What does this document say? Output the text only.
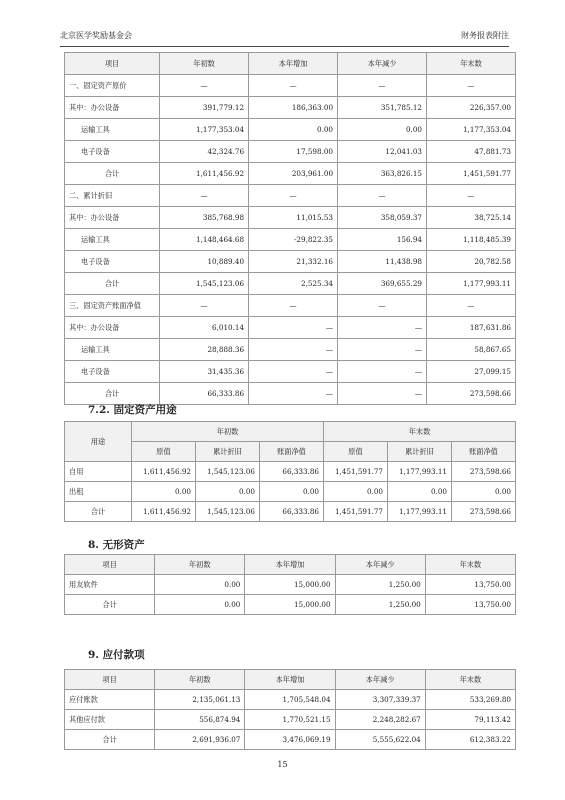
北京医学奖励基金会	财务报表附注
项目	年初数	本年增加	本年减少	年末数
一、固定资产原价	—	—	—	—
其中：办公设备	391,779.12	186,363.00	351,785.12	226,357.00
运输工具	1,177,353.04	0.00	0.00	1,177,353.04
电子设备	42,324.76	17,598.00	12,041.03	47,881.73
合计	1,611,456.92	203,961.00	363,826.15	1,451,591.77
二、累计折旧	—	—	—	—
其中：办公设备	385,768.98	11,015.53	358,059.37	38,725.14
运输工具	1,148,464.68	-29,822.35	156.94	1,118,485.39
电子设备	10,889.40	21,332.16	11,438.98	20,782.58
合计	1,545,123.06	2,525.34	369,655.29	1,177,993.11
三、固定资产账面净值	—	—	—	—
其中：办公设备	6,010.14	—	—	187,631.86
运输工具	28,888.36	—	—	58,867.65
电子设备	31,435.36	—	—	27,099.15
合计	66,333.86	—	—	273,598.66
7.2. 固定资产用途
用途	年初数			年末数		
	原值	累计折旧	账面净值	原值	累计折旧	账面净值
自用	1,611,456.92	1,545,123.06	66,333.86	1,451,591.77	1,177,993.11	273,598.66
出租	0.00	0.00	0.00	0.00	0.00	0.00
合计	1,611,456.92	1,545,123.06	66,333.86	1,451,591.77	1,177,993.11	273,598.66
8. 无形资产
项目	年初数	本年增加	本年减少	年末数
用友软件	0.00	15,000.00	1,250.00	13,750.00
合计	0.00	15,000.00	1,250.00	13,750.00
9. 应付款项
项目	年初数	本年增加	本年减少	年末数
应付账款	2,135,061.13	1,705,548.04	3,307,339.37	533,269.80
其他应付款	556,874.94	1,770,521.15	2,248,282.67	79,113.42
合计	2,691,936.07	3,476,069.19	5,555,622.04	612,383.22
15
